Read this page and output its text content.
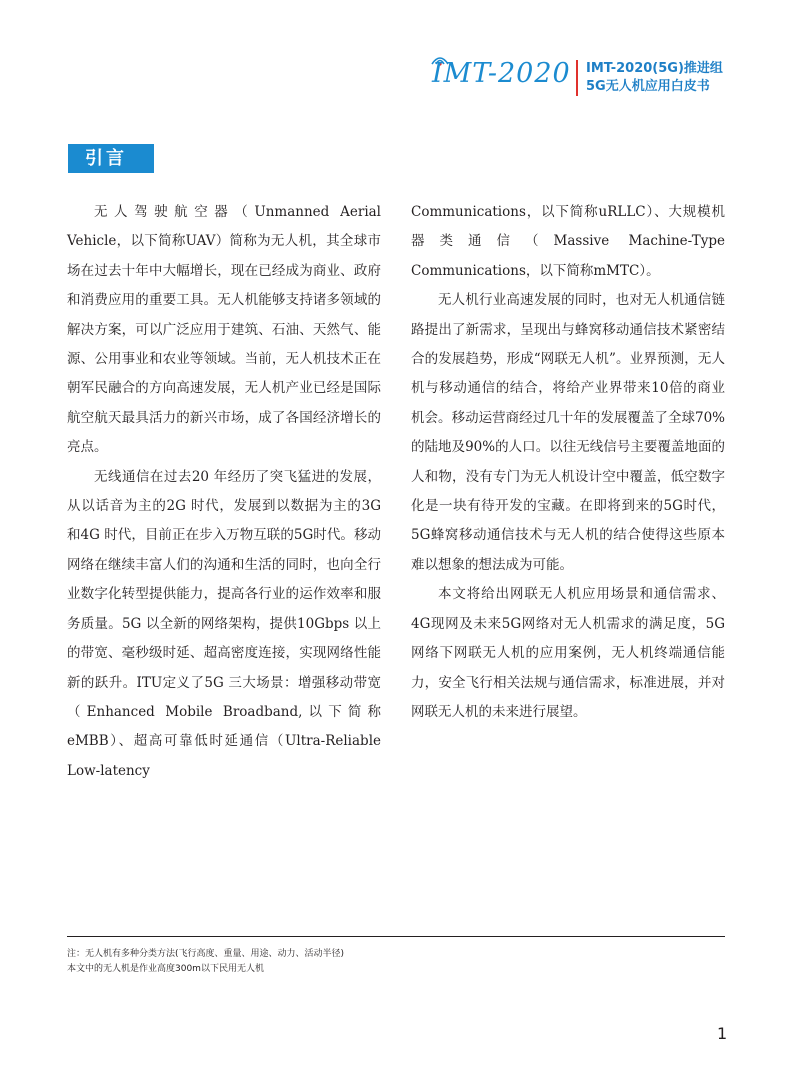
IMT-2020 IMT-2020(5G)推进组
5G无人机应用白皮书
引言

无人驾驶航空器（Unmanned Aerial Vehicle，以下简称UAV）简称为无人机，其全球市场在过去十年中大幅增长，现在已经成为商业、政府和消费应用的重要工具。无人机能够支持诸多领域的解决方案，可以广泛应用于建筑、石油、天然气、能源、公用事业和农业等领域。当前，无人机技术正在朝军民融合的方向高速发展，无人机产业已经是国际航空航天最具活力的新兴市场，成了各国经济增长的亮点。

无线通信在过去20 年经历了突飞猛进的发展，从以话音为主的2G 时代，发展到以数据为主的3G 和4G 时代，目前正在步入万物互联的5G时代。移动网络在继续丰富人们的沟通和生活的同时，也向全行业数字化转型提供能力，提高各行业的运作效率和服务质量。5G 以全新的网络架构，提供10Gbps 以上的带宽、毫秒级时延、超高密度连接，实现网络性能新的跃升。ITU定义了5G 三大场景：增强移动带宽（Enhanced Mobile Broadband,以下简称eMBB）、超高可靠低时延通信（Ultra-Reliable Low-latency

Communications，以下简称uRLLC）、大规模机器类通信（Massive Machine-Type Communications，以下简称mMTC）。

无人机行业高速发展的同时，也对无人机通信链路提出了新需求，呈现出与蜂窝移动通信技术紧密结合的发展趋势，形成“网联无人机”。业界预测，无人机与移动通信的结合，将给产业界带来10倍的商业机会。移动运营商经过几十年的发展覆盖了全球70%的陆地及90%的人口。以往无线信号主要覆盖地面的人和物，没有专门为无人机设计空中覆盖，低空数字化是一块有待开发的宝藏。在即将到来的5G时代，5G蜂窝移动通信技术与无人机的结合使得这些原本难以想象的想法成为可能。

本文将给出网联无人机应用场景和通信需求、4G现网及未来5G网络对无人机需求的满足度，5G网络下网联无人机的应用案例，无人机终端通信能力，安全飞行相关法规与通信需求，标准进展，并对网联无人机的未来进行展望。

注：无人机有多种分类方法(飞行高度、重量、用途、动力、活动半径)
本文中的无人机是作业高度300m以下民用无人机
1
